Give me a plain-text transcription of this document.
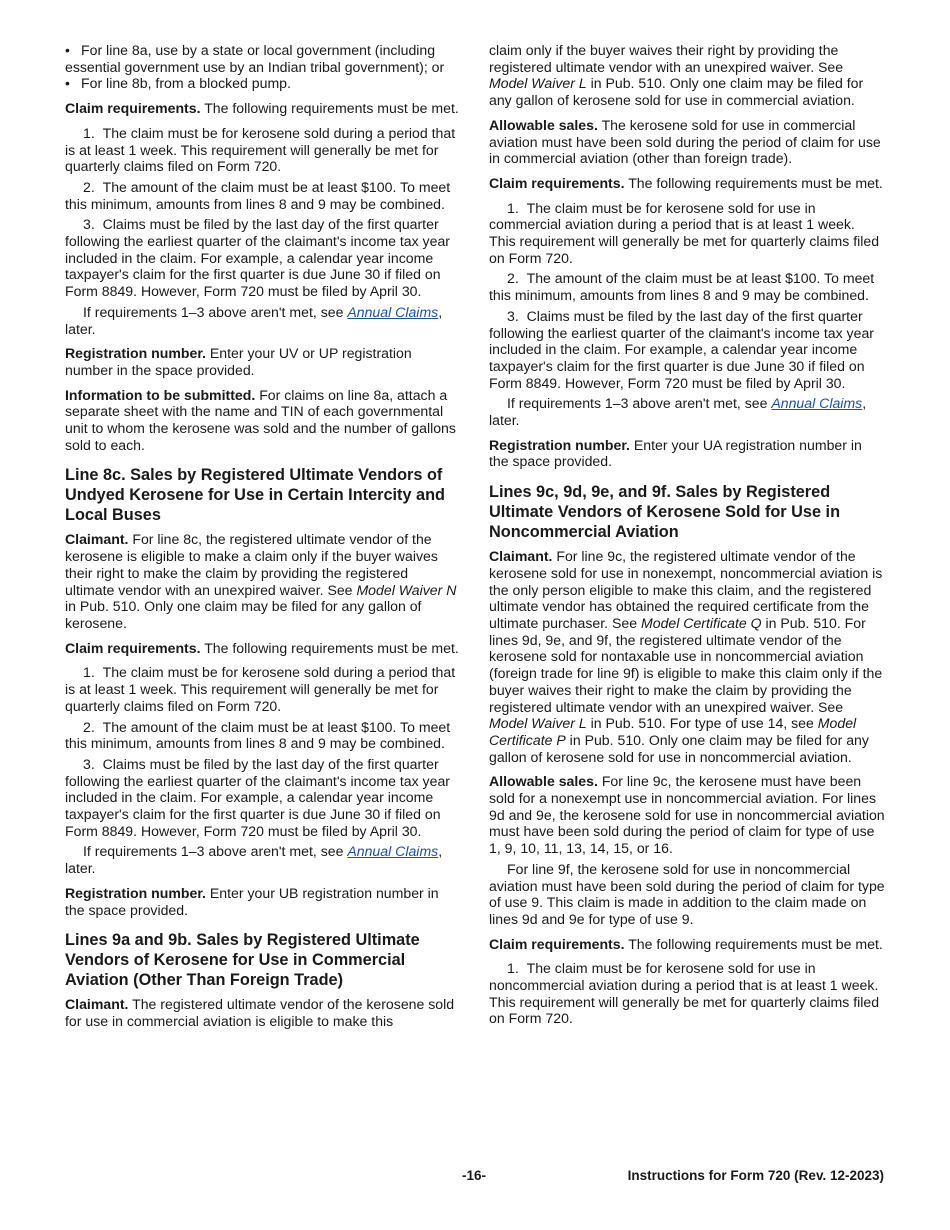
• For line 8a, use by a state or local government (including essential government use by an Indian tribal government); or

• For line 8b, from a blocked pump.

Claim requirements. The following requirements must be met.

1.  The claim must be for kerosene sold during a period that is at least 1 week. This requirement will generally be met for quarterly claims filed on Form 720.

2.  The amount of the claim must be at least $100. To meet this minimum, amounts from lines 8 and 9 may be combined.

3.  Claims must be filed by the last day of the first quarter following the earliest quarter of the claimant's income tax year included in the claim. For example, a calendar year income taxpayer's claim for the first quarter is due June 30 if filed on Form 8849. However, Form 720 must be filed by April 30.

If requirements 1–3 above aren't met, see Annual Claims, later.

Registration number. Enter your UV or UP registration number in the space provided.

Information to be submitted. For claims on line 8a, attach a separate sheet with the name and TIN of each governmental unit to whom the kerosene was sold and the number of gallons sold to each.

Line 8c. Sales by Registered Ultimate Vendors of Undyed Kerosene for Use in Certain Intercity and Local Buses

Claimant. For line 8c, the registered ultimate vendor of the kerosene is eligible to make a claim only if the buyer waives their right to make the claim by providing the registered ultimate vendor with an unexpired waiver. See Model Waiver N in Pub. 510. Only one claim may be filed for any gallon of kerosene.

Claim requirements. The following requirements must be met.

1.  The claim must be for kerosene sold during a period that is at least 1 week. This requirement will generally be met for quarterly claims filed on Form 720.

2.  The amount of the claim must be at least $100. To meet this minimum, amounts from lines 8 and 9 may be combined.

3.  Claims must be filed by the last day of the first quarter following the earliest quarter of the claimant's income tax year included in the claim. For example, a calendar year income taxpayer's claim for the first quarter is due June 30 if filed on Form 8849. However, Form 720 must be filed by April 30.

If requirements 1–3 above aren't met, see Annual Claims, later.

Registration number. Enter your UB registration number in the space provided.

Lines 9a and 9b. Sales by Registered Ultimate Vendors of Kerosene for Use in Commercial Aviation (Other Than Foreign Trade)

Claimant. The registered ultimate vendor of the kerosene sold for use in commercial aviation is eligible to make this

claim only if the buyer waives their right by providing the registered ultimate vendor with an unexpired waiver. See Model Waiver L in Pub. 510. Only one claim may be filed for any gallon of kerosene sold for use in commercial aviation.

Allowable sales. The kerosene sold for use in commercial aviation must have been sold during the period of claim for use in commercial aviation (other than foreign trade).

Claim requirements. The following requirements must be met.

1.  The claim must be for kerosene sold for use in commercial aviation during a period that is at least 1 week. This requirement will generally be met for quarterly claims filed on Form 720.

2.  The amount of the claim must be at least $100. To meet this minimum, amounts from lines 8 and 9 may be combined.

3.  Claims must be filed by the last day of the first quarter following the earliest quarter of the claimant's income tax year included in the claim. For example, a calendar year income taxpayer's claim for the first quarter is due June 30 if filed on Form 8849. However, Form 720 must be filed by April 30.

If requirements 1–3 above aren't met, see Annual Claims, later.

Registration number. Enter your UA registration number in the space provided.

Lines 9c, 9d, 9e, and 9f. Sales by Registered Ultimate Vendors of Kerosene Sold for Use in Noncommercial Aviation

Claimant. For line 9c, the registered ultimate vendor of the kerosene sold for use in nonexempt, noncommercial aviation is the only person eligible to make this claim, and the registered ultimate vendor has obtained the required certificate from the ultimate purchaser. See Model Certificate Q in Pub. 510. For lines 9d, 9e, and 9f, the registered ultimate vendor of the kerosene sold for nontaxable use in noncommercial aviation (foreign trade for line 9f) is eligible to make this claim only if the buyer waives their right to make the claim by providing the registered ultimate vendor with an unexpired waiver. See Model Waiver L in Pub. 510. For type of use 14, see Model Certificate P in Pub. 510. Only one claim may be filed for any gallon of kerosene sold for use in noncommercial aviation.

Allowable sales. For line 9c, the kerosene must have been sold for a nonexempt use in noncommercial aviation. For lines 9d and 9e, the kerosene sold for use in noncommercial aviation must have been sold during the period of claim for type of use 1, 9, 10, 11, 13, 14, 15, or 16.

For line 9f, the kerosene sold for use in noncommercial aviation must have been sold during the period of claim for type of use 9. This claim is made in addition to the claim made on lines 9d and 9e for type of use 9.

Claim requirements. The following requirements must be met.

1.  The claim must be for kerosene sold for use in noncommercial aviation during a period that is at least 1 week. This requirement will generally be met for quarterly claims filed on Form 720.

-16-	Instructions for Form 720 (Rev. 12-2023)
